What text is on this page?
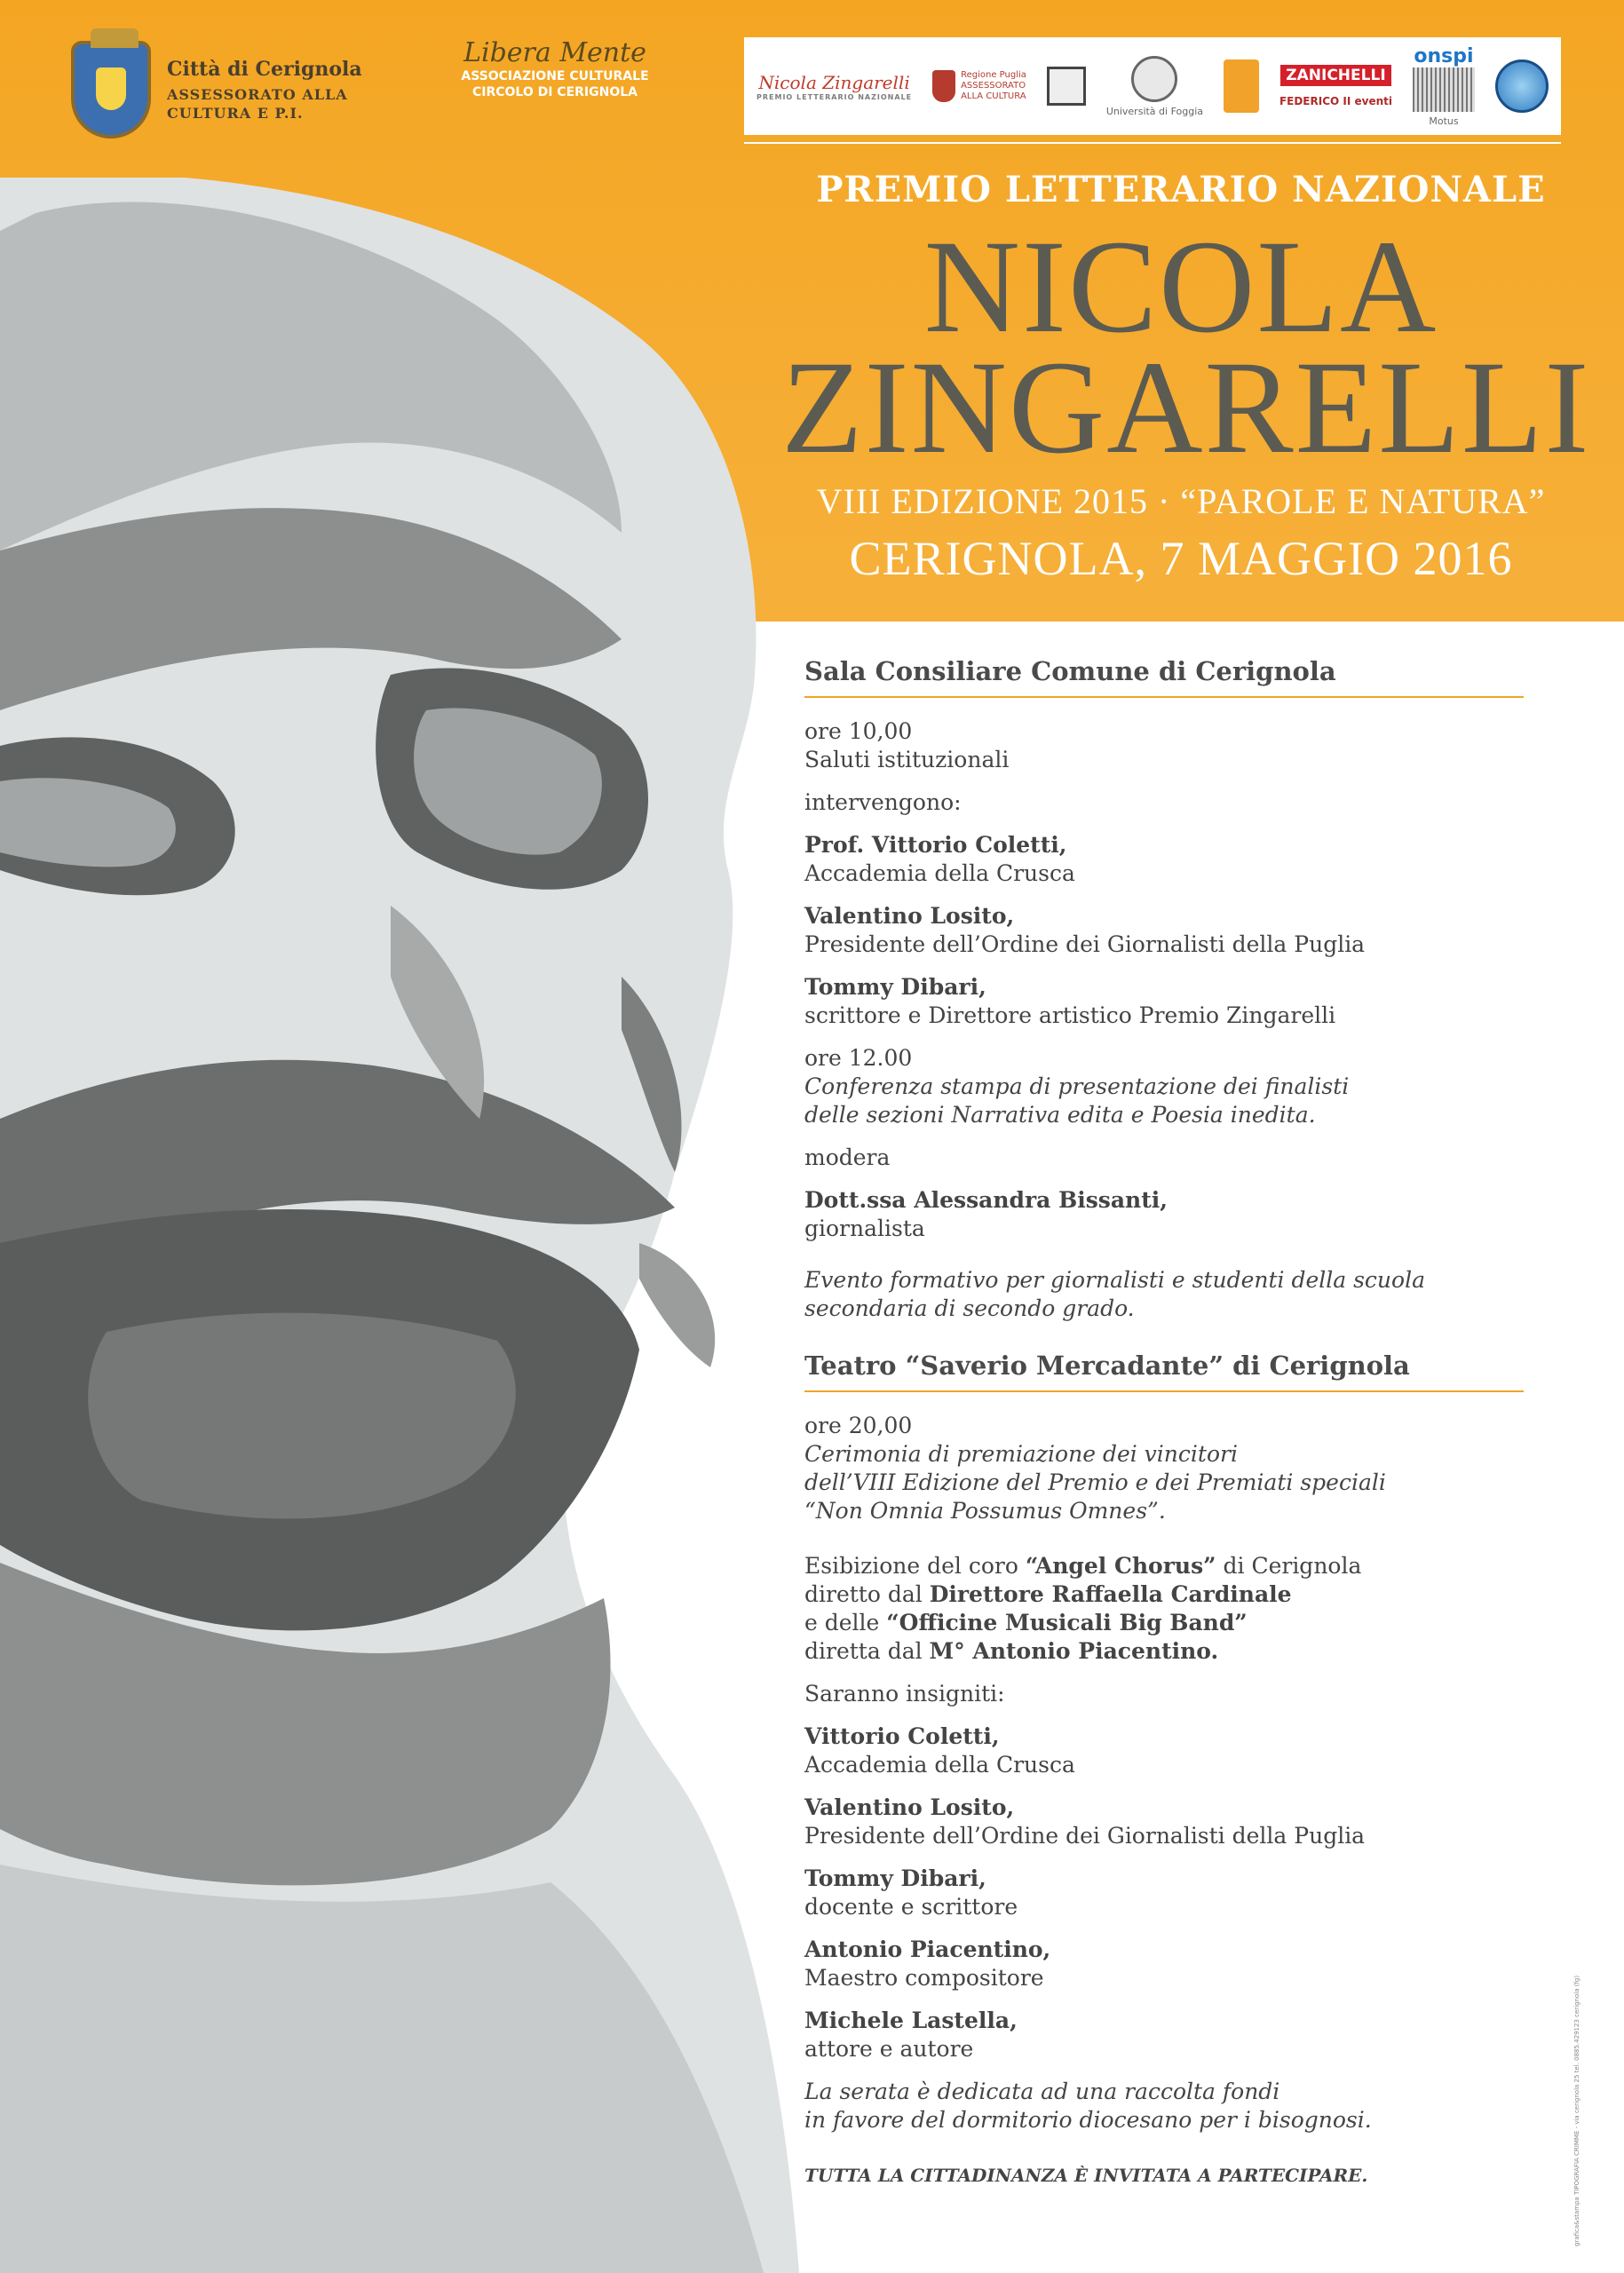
Città di Cerignola
ASSESSORATO ALLA
CULTURA E P.I.
Libera Mente
ASSOCIAZIONE CULTURALE
CIRCOLO DI CERIGNOLA	Nicola Zingarelli
PREMIO LETTERARIO NAZIONALE
Regione Puglia
ASSESSORATO
ALLA CULTURA
Università di Foggia
ZANICHELLI
FEDERICO II eventi
onspi
Motus
PREMIO LETTERARIO NAZIONALE
NICOLA
ZINGARELLI
VIII EDIZIONE 2015 · “PAROLE E NATURA”
CERIGNOLA, 7 MAGGIO 2016
Sala Consiliare Comune di Cerignola
ore 10,00
Saluti istituzionali
intervengono:
Prof. Vittorio Coletti,
Accademia della Crusca
Valentino Losito,
Presidente dell’Ordine dei Giornalisti della Puglia
Tommy Dibari,
scrittore e Direttore artistico Premio Zingarelli
ore 12.00
Conferenza stampa di presentazione dei finalisti
delle sezioni Narrativa edita e Poesia inedita.
modera
Dott.ssa Alessandra Bissanti,
giornalista
Evento formativo per giornalisti e studenti della scuola
secondaria di secondo grado.
Teatro “Saverio Mercadante” di Cerignola
ore 20,00
Cerimonia di premiazione dei vincitori
dell’VIII Edizione del Premio e dei Premiati speciali
“Non Omnia Possumus Omnes”.
Esibizione del coro “Angel Chorus” di Cerignola
diretto dal Direttore Raffaella Cardinale
e delle “Officine Musicali Big Band”
diretta dal M° Antonio Piacentino.
Saranno insigniti:
Vittorio Coletti,
Accademia della Crusca
Valentino Losito,
Presidente dell’Ordine dei Giornalisti della Puglia
Tommy Dibari,
docente e scrittore
Antonio Piacentino,
Maestro compositore
Michele Lastella,
attore e autore
La serata è dedicata ad una raccolta fondi
in favore del dormitorio diocesano per i bisognosi.
TUTTA LA CITTADINANZA È INVITATA A PARTECIPARE.	grafica&stampa TIPOGRAFIA CRIMME - via cerignola 25 tel. 0885.429123 cerignola (fg)
